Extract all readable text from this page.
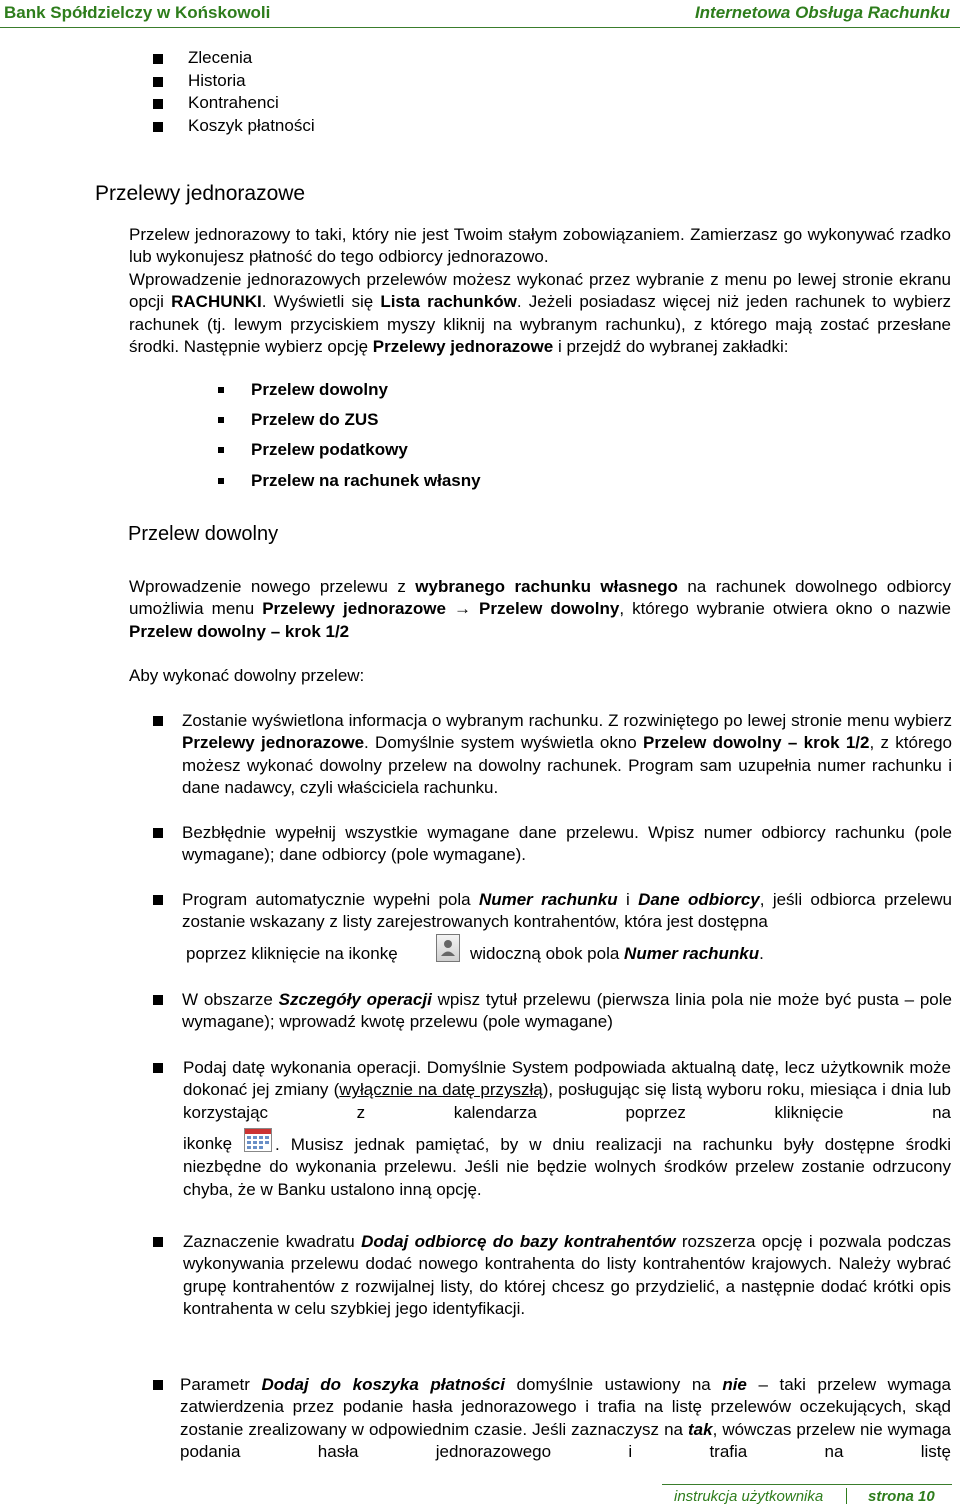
Bank Spółdzielczy w Końskowoli	Internetowa Obsługa Rachunku
Zlecenia
Historia
Kontrahenci
Koszyk płatności
Przelewy jednorazowe
Przelew jednorazowy to taki, który nie jest Twoim stałym zobowiązaniem. Zamierzasz go wykonywać rzadko lub wykonujesz płatność do tego odbiorcy jednorazowo.
Wprowadzenie jednorazowych przelewów możesz wykonać przez wybranie z menu po lewej stronie ekranu opcji RACHUNKI. Wyświetli się Lista rachunków. Jeżeli posiadasz więcej niż jeden rachunek to wybierz rachunek (tj. lewym przyciskiem myszy kliknij na wybranym rachunku), z którego mają zostać przesłane środki. Następnie wybierz opcję Przelewy jednorazowe i przejdź do wybranej zakładki:
Przelew dowolny
Przelew do ZUS
Przelew podatkowy
Przelew na rachunek własny
Przelew dowolny
Wprowadzenie nowego przelewu z wybranego rachunku własnego na rachunek dowolnego odbiorcy umożliwia menu Przelewy jednorazowe → Przelew dowolny, którego wybranie otwiera okno o nazwie Przelew dowolny – krok 1/2
Aby wykonać dowolny przelew:
Zostanie wyświetlona informacja o wybranym rachunku. Z rozwiniętego po lewej stronie menu wybierz Przelewy jednorazowe. Domyślnie system wyświetla okno Przelew dowolny – krok 1/2, z którego możesz wykonać dowolny przelew na dowolny rachunek. Program sam uzupełnia numer rachunku i dane nadawcy, czyli właściciela rachunku.
Bezbłędnie wypełnij wszystkie wymagane dane przelewu. Wpisz numer odbiorcy rachunku (pole wymagane); dane odbiorcy (pole wymagane).
Program automatycznie wypełni pola Numer rachunku i Dane odbiorcy, jeśli odbiorca przelewu zostanie wskazany z listy zarejestrowanych kontrahentów, która jest dostępna
poprzez kliknięcie na ikonkę	widoczną obok pola Numer rachunku.
W obszarze Szczegóły operacji wpisz tytuł przelewu (pierwsza linia pola nie może być pusta – pole wymagane); wprowadź kwotę przelewu (pole wymagane)
Podaj datę wykonania operacji. Domyślnie System podpowiada aktualną datę, lecz użytkownik może dokonać jej zmiany (wyłącznie na datę przyszłą), posługując się listą wyboru roku, miesiąca i dnia lub korzystając z kalendarza poprzez kliknięcie na
ikonkę	. Musisz jednak pamiętać, by w dniu realizacji na rachunku były dostępne środki niezbędne do wykonania przelewu. Jeśli nie będzie wolnych środków przelew zostanie odrzucony chyba, że w Banku ustalono inną opcję.
Zaznaczenie kwadratu Dodaj odbiorcę do bazy kontrahentów rozszerza opcję i pozwala podczas wykonywania przelewu dodać nowego kontrahenta do listy kontrahentów krajowych. Należy wybrać grupę kontrahentów z rozwijalnej listy, do której chcesz go przydzielić, a następnie dodać krótki opis kontrahenta w celu szybkiej jego identyfikacji.
Parametr Dodaj do koszyka płatności domyślnie ustawiony na nie – taki przelew wymaga zatwierdzenia przez podanie hasła jednorazowego i trafia na listę przelewów oczekujących, skąd zostanie zrealizowany w odpowiednim czasie. Jeśli zaznaczysz na tak, wówczas przelew nie wymaga podania hasła jednorazowego i trafia na listę
instrukcja użytkownika	strona 10
